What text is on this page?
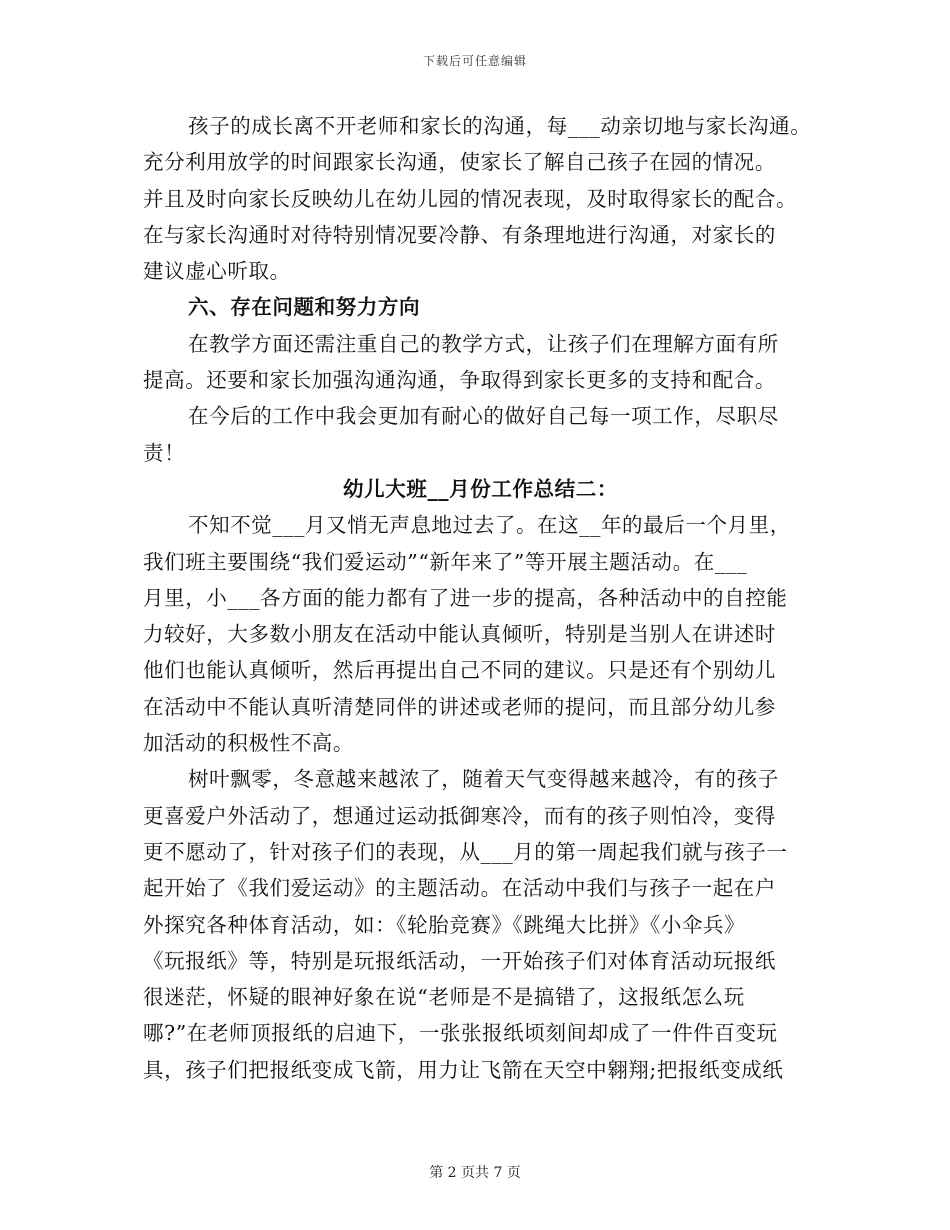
下载后可任意编辑
孩子的成长离不开老师和家长的沟通，每___动亲切地与家长沟通。
充分利用放学的时间跟家长沟通，使家长了解自己孩子在园的情况。
并且及时向家长反映幼儿在幼儿园的情况表现，及时取得家长的配合。
在与家长沟通时对待特别情况要冷静、有条理地进行沟通，对家长的
建议虚心听取。
六、存在问题和努力方向
在教学方面还需注重自己的教学方式，让孩子们在理解方面有所
提高。还要和家长加强沟通沟通，争取得到家长更多的支持和配合。
在今后的工作中我会更加有耐心的做好自己每一项工作，尽职尽
责！
幼儿大班__月份工作总结二：
不知不觉___月又悄无声息地过去了。在这__年的最后一个月里，
我们班主要围绕“我们爱运动”“新年来了”等开展主题活动。在___
月里，小___各方面的能力都有了进一步的提高，各种活动中的自控能
力较好，大多数小朋友在活动中能认真倾听，特别是当别人在讲述时
他们也能认真倾听，然后再提出自己不同的建议。只是还有个别幼儿
在活动中不能认真听清楚同伴的讲述或老师的提问，而且部分幼儿参
加活动的积极性不高。
树叶飘零，冬意越来越浓了，随着天气变得越来越冷，有的孩子
更喜爱户外活动了，想通过运动抵御寒冷，而有的孩子则怕冷，变得
更不愿动了，针对孩子们的表现，从___月的第一周起我们就与孩子一
起开始了《我们爱运动》的主题活动。在活动中我们与孩子一起在户
外探究各种体育活动，如：《轮胎竞赛》《跳绳大比拼》《小伞兵》
《玩报纸》等，特别是玩报纸活动，一开始孩子们对体育活动玩报纸
很迷茫，怀疑的眼神好象在说“老师是不是搞错了，这报纸怎么玩
哪?”在老师顶报纸的启迪下，一张张报纸顷刻间却成了一件件百变玩
具，孩子们把报纸变成飞箭，用力让飞箭在天空中翱翔;把报纸变成纸
第 2 页共 7 页
